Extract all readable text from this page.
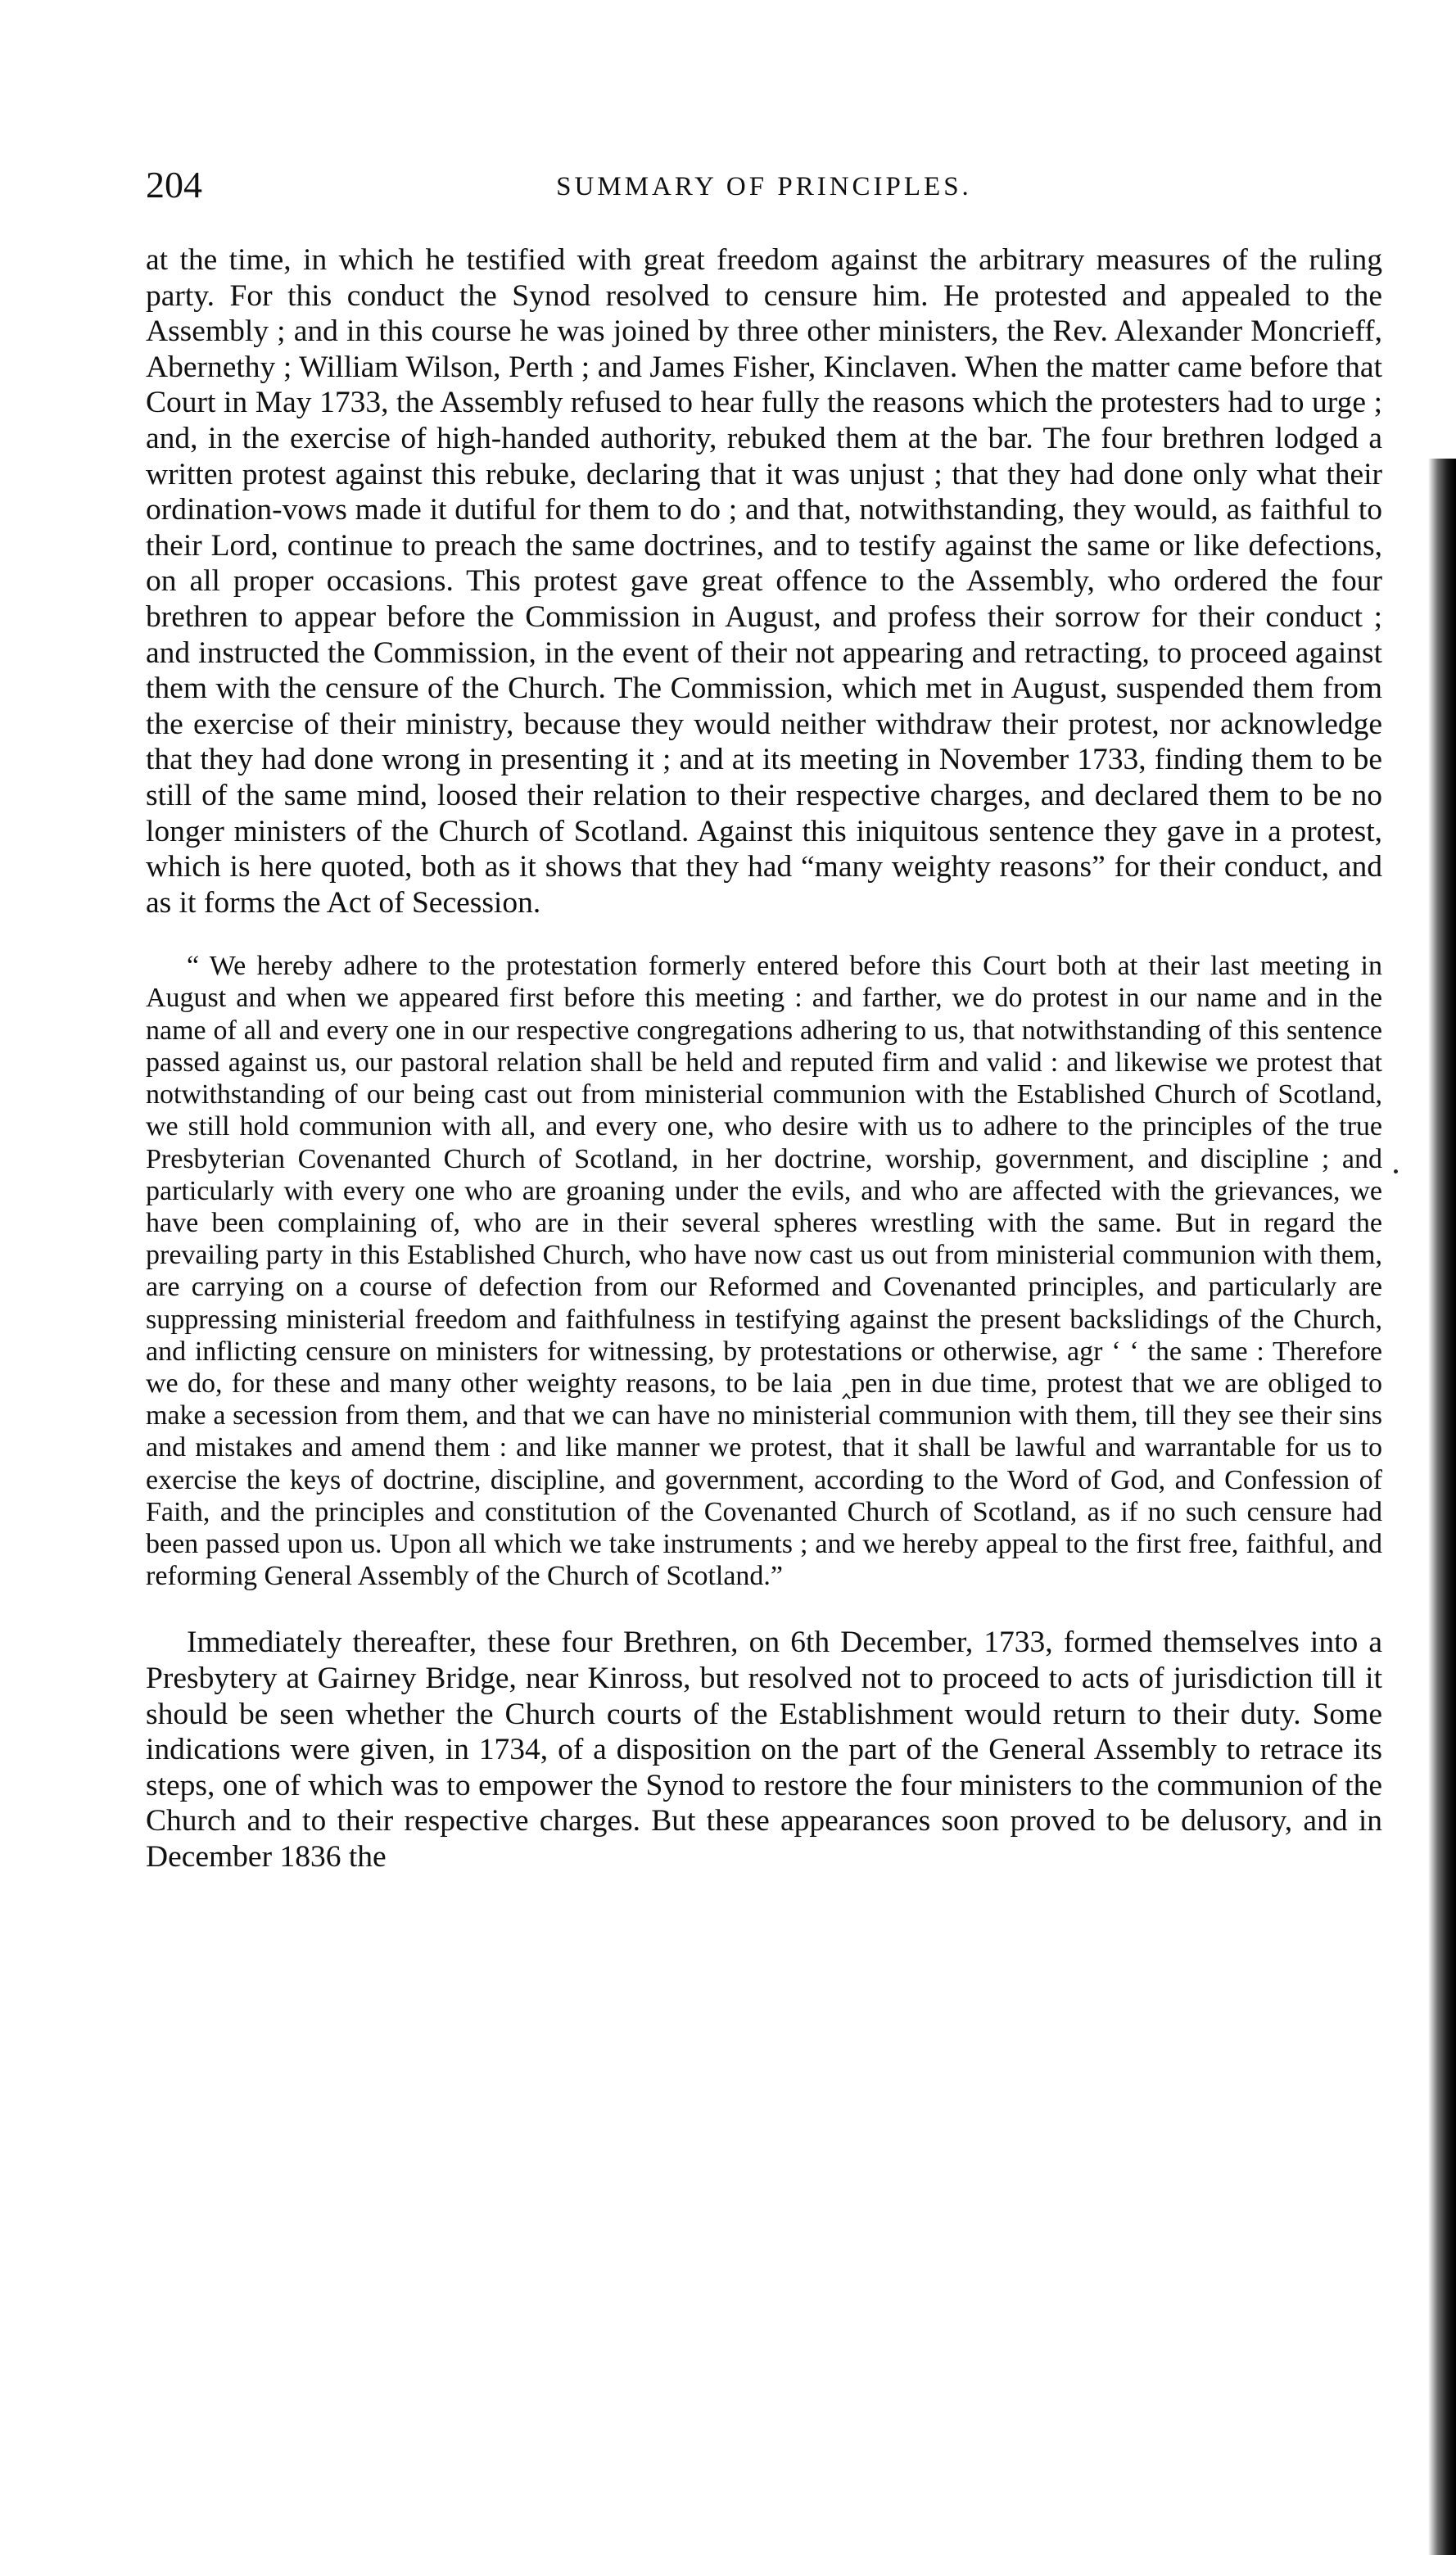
204	SUMMARY OF PRINCIPLES.

at the time, in which he testified with great freedom against the arbitrary measures of the ruling party. For this conduct the Synod resolved to censure him. He protested and appealed to the Assembly ; and in this course he was joined by three other ministers, the Rev. Alexander Moncrieff, Abernethy ; William Wilson, Perth ; and James Fisher, Kinclaven. When the matter came before that Court in May 1733, the Assembly refused to hear fully the reasons which the protesters had to urge ; and, in the exercise of high-handed authority, rebuked them at the bar. The four brethren lodged a written protest against this rebuke, declaring that it was unjust ; that they had done only what their ordination-vows made it dutiful for them to do ; and that, notwithstanding, they would, as faithful to their Lord, continue to preach the same doctrines, and to testify against the same or like defections, on all proper occasions. This protest gave great offence to the Assembly, who ordered the four brethren to appear before the Commission in August, and profess their sorrow for their conduct ; and instructed the Commission, in the event of their not appearing and retracting, to proceed against them with the censure of the Church. The Commission, which met in August, suspended them from the exercise of their ministry, because they would neither withdraw their protest, nor acknowledge that they had done wrong in presenting it ; and at its meeting in November 1733, finding them to be still of the same mind, loosed their relation to their respective charges, and declared them to be no longer ministers of the Church of Scotland. Against this iniquitous sentence they gave in a protest, which is here quoted, both as it shows that they had “many weighty reasons” for their conduct, and as it forms the Act of Secession.

“ We hereby adhere to the protestation formerly entered before this Court both at their last meeting in August and when we appeared first before this meeting : and farther, we do protest in our name and in the name of all and every one in our respective congregations adhering to us, that notwithstanding of this sentence passed against us, our pastoral relation shall be held and reputed firm and valid : and likewise we protest that notwithstanding of our being cast out from ministerial communion with the Established Church of Scotland, we still hold communion with all, and every one, who desire with us to adhere to the principles of the true Presbyterian Covenanted Church of Scotland, in her doctrine, worship, government, and discipline ; and particularly with every one who are groaning under the evils, and who are affected with the grievances, we have been complaining of, who are in their several spheres wrestling with the same. But in regard the prevailing party in this Established Church, who have now cast us out from ministerial communion with them, are carrying on a course of defection from our Reformed and Covenanted principles, and particularly are suppressing ministerial freedom and faithfulness in testifying against the present backslidings of the Church, and inflicting censure on ministers for witnessing, by protestations or otherwise, agr ‘ ‘ the same : Therefore we do, for these and many other weighty reasons, to be laia ‸pen in due time, protest that we are obliged to make a secession from them, and that we can have no ministerial communion with them, till they see their sins and mistakes and amend them : and like manner we protest, that it shall be lawful and warrantable for us to exercise the keys of doctrine, discipline, and government, according to the Word of God, and Confession of Faith, and the principles and constitution of the Covenanted Church of Scotland, as if no such censure had been passed upon us. Upon all which we take instruments ; and we hereby appeal to the first free, faithful, and reforming General Assembly of the Church of Scotland.”

Immediately thereafter, these four Brethren, on 6th December, 1733, formed themselves into a Presbytery at Gairney Bridge, near Kinross, but resolved not to proceed to acts of jurisdiction till it should be seen whether the Church courts of the Establishment would return to their duty. Some indications were given, in 1734, of a disposition on the part of the General Assembly to retrace its steps, one of which was to empower the Synod to restore the four ministers to the communion of the Church and to their respective charges. But these appearances soon proved to be delusory, and in December 1836 the
